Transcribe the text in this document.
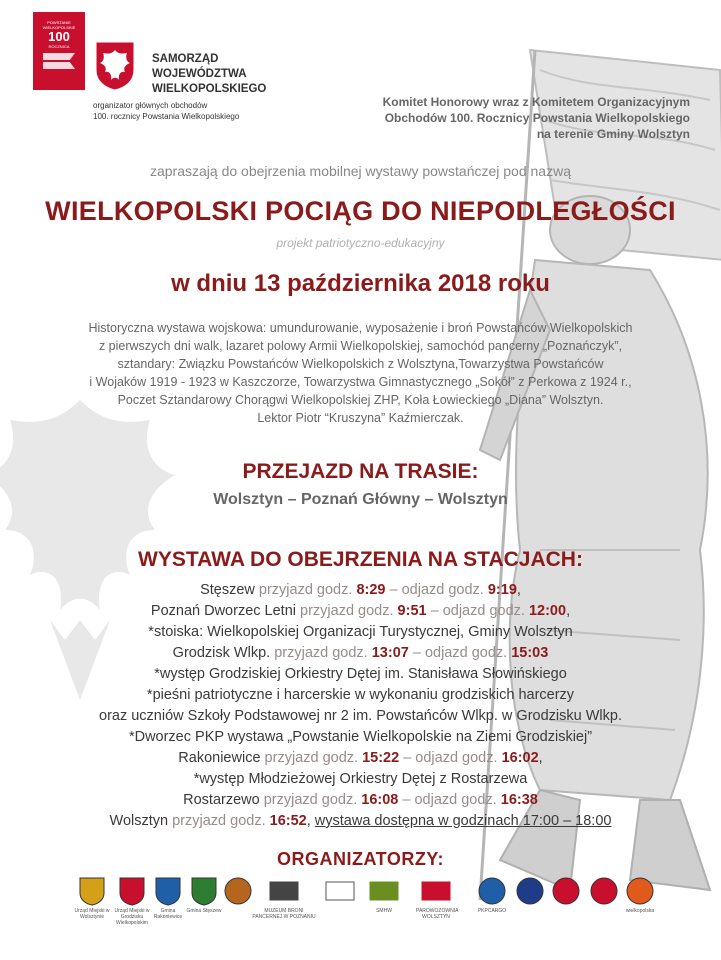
POWSTANIE WIELKOPOLSKIE
100
ROCZNICA
SAMORZĄD WOJEWÓDZTWA
WIELKOPOLSKIEGO
organizator głównych obchodów
100. rocznicy Powstania Wielkopolskiego
Komitet Honorowy wraz z Komitetem Organizacyjnym
Obchodów 100. Rocznicy Powstania Wielkopolskiego
na terenie Gminy Wolsztyn
zapraszają do obejrzenia mobilnej wystawy powstańczej pod nazwą
WIELKOPOLSKI POCIĄG DO NIEPODLEGŁOŚCI
projekt patriotyczno-edukacyjny
w dniu 13 października 2018 roku
Historyczna wystawa wojskowa: umundurowanie, wyposażenie i broń Powstańców Wielkopolskich
z pierwszych dni walk, lazaret polowy Armii Wielkopolskiej, samochód pancerny „Poznańczyk”,
sztandary: Związku Powstańców Wielkopolskich z Wolsztyna,Towarzystwa Powstańców
i Wojaków 1919 - 1923 w Kaszczorze, Towarzystwa Gimnastycznego „Sokół” z Perkowa z 1924 r.,
Poczet Sztandarowy Chorągwi Wielkopolskiej ZHP, Koła Łowieckiego „Diana” Wolsztyn.
Lektor Piotr “Kruszyna” Kaźmierczak.
PRZEJAZD NA TRASIE:
Wolsztyn – Poznań Główny – Wolsztyn
WYSTAWA DO OBEJRZENIA NA STACJACH:
Stęszew przyjazd godz. 8:29 – odjazd godz. 9:19,
Poznań Dworzec Letni przyjazd godz. 9:51 – odjazd godz. 12:00,
*stoiska: Wielkopolskiej Organizacji Turystycznej, Gminy Wolsztyn
Grodzisk Wlkp. przyjazd godz. 13:07 – odjazd godz. 15:03
*występ Grodziskiej Orkiestry Dętej im. Stanisława Słowińskiego
*pieśni patriotyczne i harcerskie w wykonaniu grodziskich harcerzy
oraz uczniów Szkoły Podstawowej nr 2 im. Powstańców Wlkp. w Grodzisku Wlkp.
*Dworzec PKP wystawa „Powstanie Wielkopolskie na Ziemi Grodziskiej”
Rakoniewice przyjazd godz. 15:22 – odjazd godz. 16:02,
*występ Młodzieżowej Orkiestry Dętej z Rostarzewa
Rostarzewo przyjazd godz. 16:08 – odjazd godz. 16:38
Wolsztyn przyjazd godz. 16:52, wystawa dostępna w godzinach 17:00 – 18:00
ORGANIZATORZY:
Urząd Miejski w Wolsztynie
Urząd Miejski w Grodzisku Wielkopolskim
Gmina Rakoniewice
Gmina Stęszew	MUZEUM BRONI PANCERNEJ W POZNANIU
SMHW	PAROWOZOWNIA WOLSZTYN
PKPCARGO	wielkopolska
